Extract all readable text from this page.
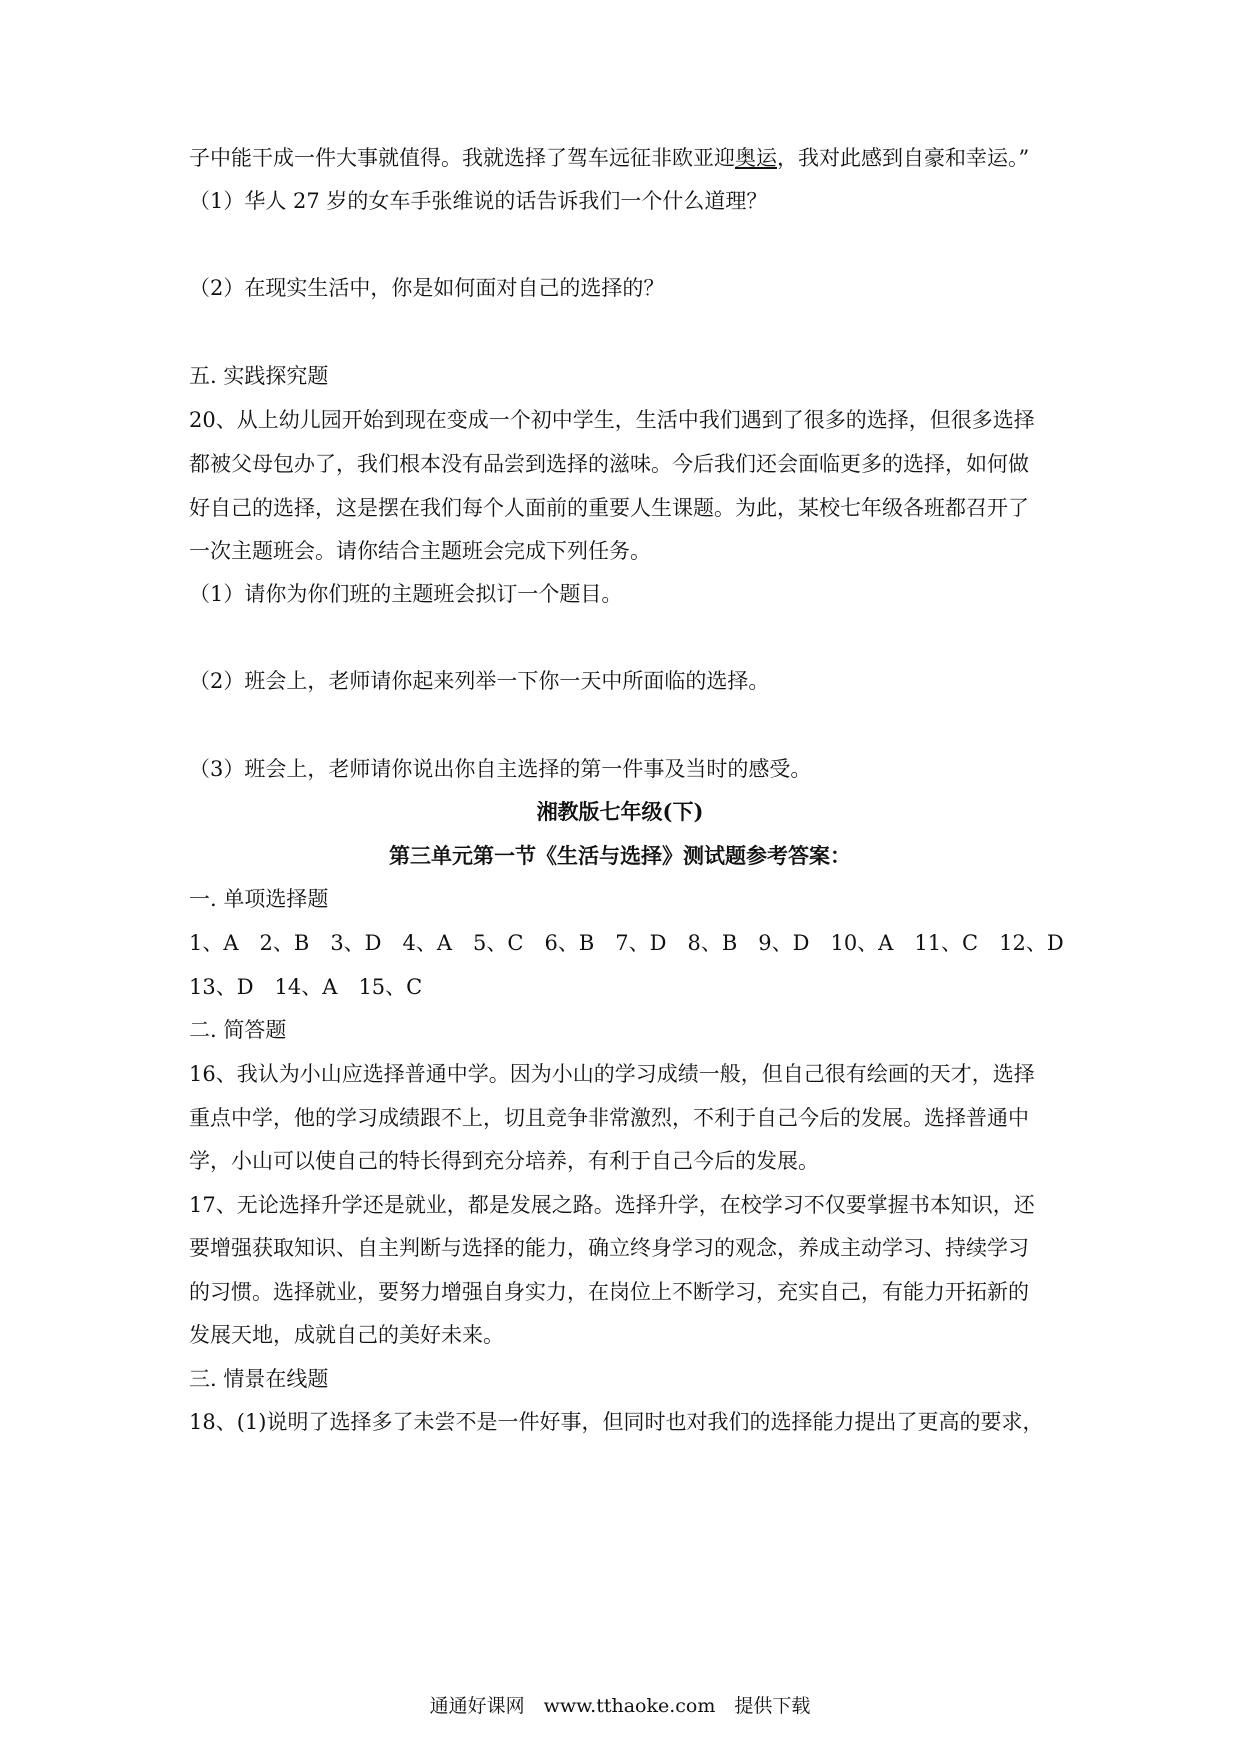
子中能干成一件大事就值得。我就选择了驾车远征非欧亚迎奥运，我对此感到自豪和幸运。”
（1）华人 27 岁的女车手张维说的话告诉我们一个什么道理？
（2）在现实生活中，你是如何面对自己的选择的？
五. 实践探究题
20、从上幼儿园开始到现在变成一个初中学生，生活中我们遇到了很多的选择，但很多选择
都被父母包办了，我们根本没有品尝到选择的滋味。今后我们还会面临更多的选择，如何做
好自己的选择，这是摆在我们每个人面前的重要人生课题。为此，某校七年级各班都召开了
一次主题班会。请你结合主题班会完成下列任务。
（1）请你为你们班的主题班会拟订一个题目。
（2）班会上，老师请你起来列举一下你一天中所面临的选择。
（3）班会上，老师请你说出你自主选择的第一件事及当时的感受。
湘教版七年级(下)
第三单元第一节《生活与选择》测试题参考答案：
一. 单项选择题
1、A　2、B　3、D　4、A　5、C　6、B　7、D　8、B　9、D　10、A　11、C　12、D
13、D　14、A　15、C
二. 简答题
16、我认为小山应选择普通中学。因为小山的学习成绩一般，但自己很有绘画的天才，选择
重点中学，他的学习成绩跟不上，切且竞争非常激烈，不利于自己今后的发展。选择普通中
学，小山可以使自己的特长得到充分培养，有利于自己今后的发展。
17、无论选择升学还是就业，都是发展之路。选择升学，在校学习不仅要掌握书本知识，还
要增强获取知识、自主判断与选择的能力，确立终身学习的观念，养成主动学习、持续学习
的习惯。选择就业，要努力增强自身实力，在岗位上不断学习，充实自己，有能力开拓新的
发展天地，成就自己的美好未来。
三. 情景在线题
18、(1)说明了选择多了未尝不是一件好事，但同时也对我们的选择能力提出了更高的要求，
通通好课网　www.tthaoke.com　提供下载
